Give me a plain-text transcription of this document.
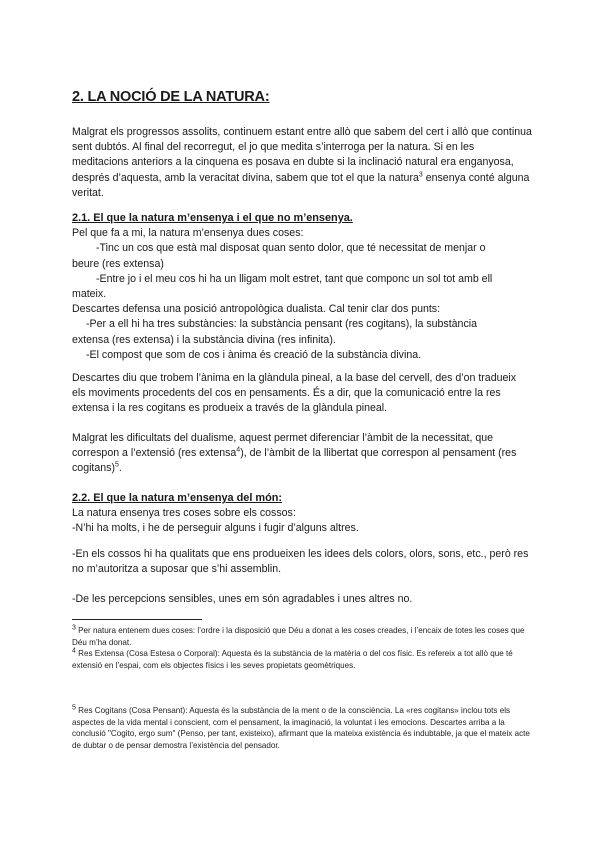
2. LA NOCIÓ DE LA NATURA:

Malgrat els progressos assolits, continuem estant entre allò que sabem del cert i allò que continua sent dubtós. Al final del recorregut, el jo que medita s’interroga per la natura. Si en les meditacions anteriors a la cinquena es posava en dubte si la inclinació natural era enganyosa, després d’aquesta, amb la veracitat divina, sabem que tot el que la natura$^3$ ensenya conté alguna veritat.

2.1. El que la natura m’ensenya i el que no m’ensenya.

Pel que fa a mi, la natura m’ensenya dues coses:

-Tinc un cos que està mal disposat quan sento dolor, que té necessitat de menjar o

beure (res extensa)

-Entre jo i el meu cos hi ha un lligam molt estret, tant que componc un sol tot amb ell

mateix.

Descartes defensa una posició antropològica dualista. Cal tenir clar dos punts:

-Per a ell hi ha tres substàncies: la substància pensant (res cogitans), la substància

extensa (res extensa) i la substància divina (res infinita).

-El compost que som de cos i ànima és creació de la substància divina.

Descartes diu que trobem l’ànima en la glàndula pineal, a la base del cervell, des d’on tradueix els moviments procedents del cos en pensaments. És a dir, que la comunicació entre la res extensa i la res cogitans es produeix a través de la glàndula pineal.

Malgrat les dificultats del dualisme, aquest permet diferenciar l’àmbit de la necessitat, que correspon a l’extensió (res extensa$^4$), de l’àmbit de la llibertat que correspon al pensament (res cogitans)$^5$.

2.2. El que la natura m’ensenya del món:

La natura ensenya tres coses sobre els cossos:

-N’hi ha molts, i he de perseguir alguns i fugir d’alguns altres.

-En els cossos hi ha qualitats que ens produeixen les idees dels colors, olors, sons, etc., però res no m’autoritza a suposar que s’hi assemblin.

-De les percepcions sensibles, unes em són agradables i unes altres no.

$^3$ Per natura entenem dues coses: l’ordre i la disposició que Déu a donat a les coses creades, i l’encaix de totes les coses que Déu m’ha donat.

$^4$ Res Extensa (Cosa Estesa o Corporal): Aquesta és la substància de la matèria o del cos físic. Es refereix a tot allò que té extensió en l’espai, com els objectes físics i les seves propietats geomètriques.

$^5$ Res Cogitans (Cosa Pensant): Aquesta és la substància de la ment o de la consciència. La «res cogitans» inclou tots els aspectes de la vida mental i conscient, com el pensament, la imaginació, la voluntat i les emocions. Descartes arriba a la conclusió "Cogito, ergo sum" (Penso, per tant, existeixo), afirmant que la mateixa existència és indubtable, ja que el mateix acte de dubtar o de pensar demostra l’existència del pensador.
